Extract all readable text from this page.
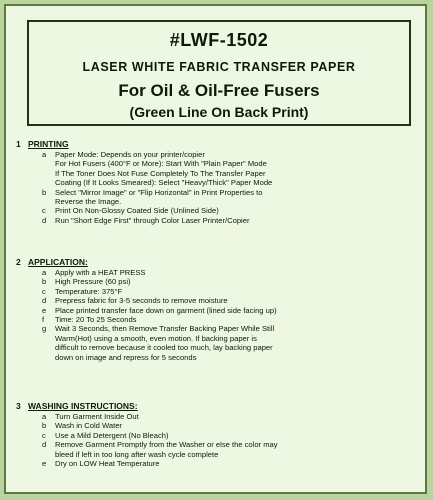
#LWF-1502
LASER WHITE FABRIC TRANSFER PAPER
For Oil & Oil-Free Fusers
(Green Line On Back Print)
1 PRINTING
a Paper Mode: Depends on your printer/copier
For Hot Fusers (400°F or More): Start With "Plain Paper" Mode
If The Toner Does Not Fuse Completely To The Transfer Paper
Coating (If It Looks Smeared): Select "Heavy/Thick" Paper Mode
b Select "Mirror Image" or "Flip Horizontal" in Print Properties to
Reverse the Image.
c Print On Non-Glossy Coated Side (Unlined Side)
d Run "Short Edge First" through Color Laser Printer/Copier
2 APPLICATION:
a Apply with a HEAT PRESS
b High Pressure (60 psi)
c Temperature: 375°F
d Prepress fabric for 3-5 seconds to remove moisture
e Place printed transfer face down on garment (lined side facing up)
f Time: 20 To 25 Seconds
g Wait 3 Seconds, then Remove Transfer Backing Paper While Still
Warm(Hot) using a smooth, even motion. If backing paper is
difficult to remove because it cooled too much, lay backing paper
down on image and repress for 5 seconds
3 WASHING INSTRUCTIONS:
a Turn Garment Inside Out
b Wash in Cold Water
c Use a Mild Detergent (No Bleach)
d Remove Garment Promptly from the Washer or else the color may
bleed if left in too long after wash cycle complete
e Dry on LOW Heat Temperature
